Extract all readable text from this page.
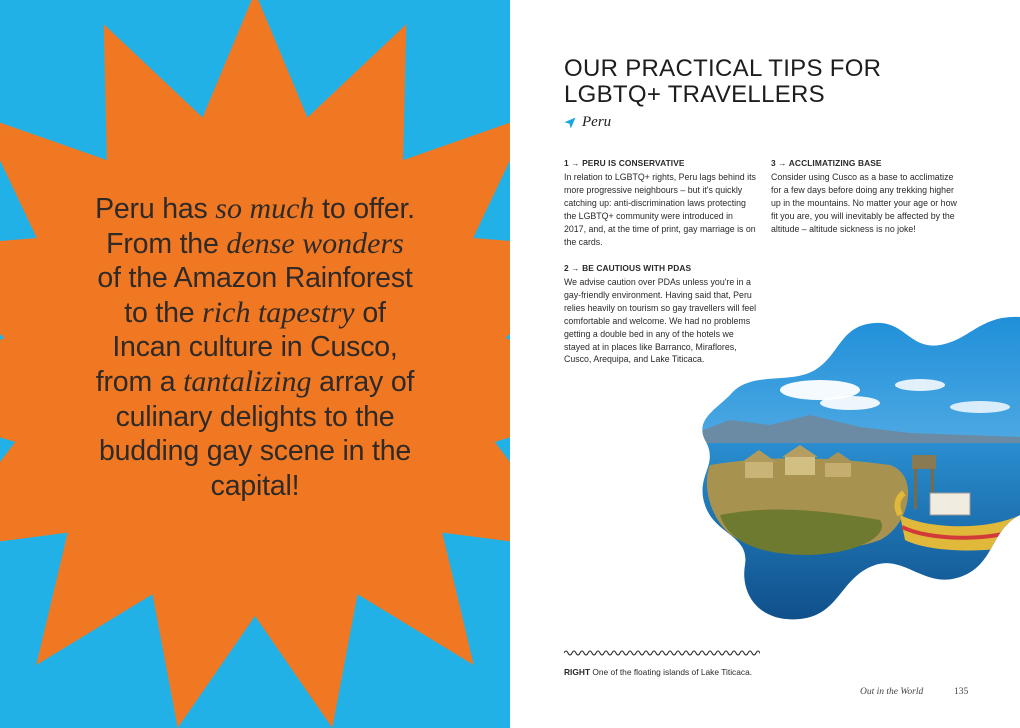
Peru has so much to offer. From the dense wonders of the Amazon Rainforest to the rich tapestry of Incan culture in Cusco, from a tantalizing array of culinary delights to the budding gay scene in the capital!
OUR PRACTICAL TIPS FOR LGBTQ+ TRAVELLERS
Peru
1 → PERU IS CONSERVATIVE

In relation to LGBTQ+ rights, Peru lags behind its more progressive neighbours – but it's quickly catching up: anti-discrimination laws protecting the LGBTQ+ community were introduced in 2017, and, at the time of print, gay marriage is on the cards.

2 → BE CAUTIOUS WITH PDAS

We advise caution over PDAs unless you're in a gay-friendly environment. Having said that, Peru relies heavily on tourism so gay travellers will feel comfortable and welcome. We had no problems getting a double bed in any of the hotels we stayed at in places like Barranco, Miraflores, Cusco, Arequipa, and Lake Titicaca.

3 → ACCLIMATIZING BASE

Consider using Cusco as a base to acclimatize for a few days before doing any trekking higher up in the mountains. No matter your age or how fit you are, you will inevitably be affected by the altitude – altitude sickness is no joke!

RIGHT One of the floating islands of Lake Titicaca.
Out in the World	135
